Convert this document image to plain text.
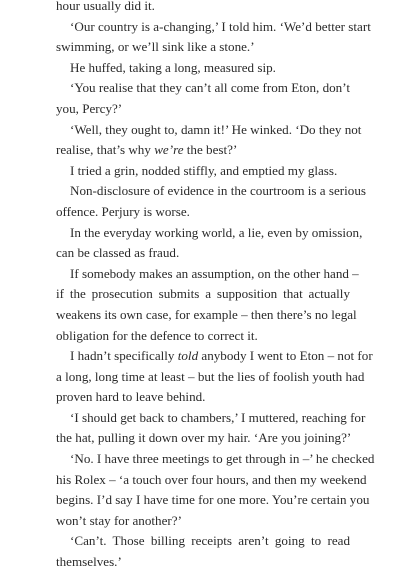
hour usually did it.
‘Our country is a-changing,’ I told him. ‘We’d better start
swimming, or we’ll sink like a stone.’
He huffed, taking a long, measured sip.
‘You realise that they can’t all come from Eton, don’t
you, Percy?’
‘Well, they ought to, damn it!’ He winked. ‘Do they not
realise, that’s why we’re the best?’
I tried a grin, nodded stiffly, and emptied my glass.
Non-disclosure of evidence in the courtroom is a serious
offence. Perjury is worse.
In the everyday working world, a lie, even by omission,
can be classed as fraud.
If somebody makes an assumption, on the other hand –
if the prosecution submits a supposition that actually
weakens its own case, for example – then there’s no legal
obligation for the defence to correct it.
I hadn’t specifically told anybody I went to Eton – not for
a long, long time at least – but the lies of foolish youth had
proven hard to leave behind.
‘I should get back to chambers,’ I muttered, reaching for
the hat, pulling it down over my hair. ‘Are you joining?’
‘No. I have three meetings to get through in –’ he checked
his Rolex – ‘a touch over four hours, and then my weekend
begins. I’d say I have time for one more. You’re certain you
won’t stay for another?’
‘Can’t. Those billing receipts aren’t going to read
themselves.’
